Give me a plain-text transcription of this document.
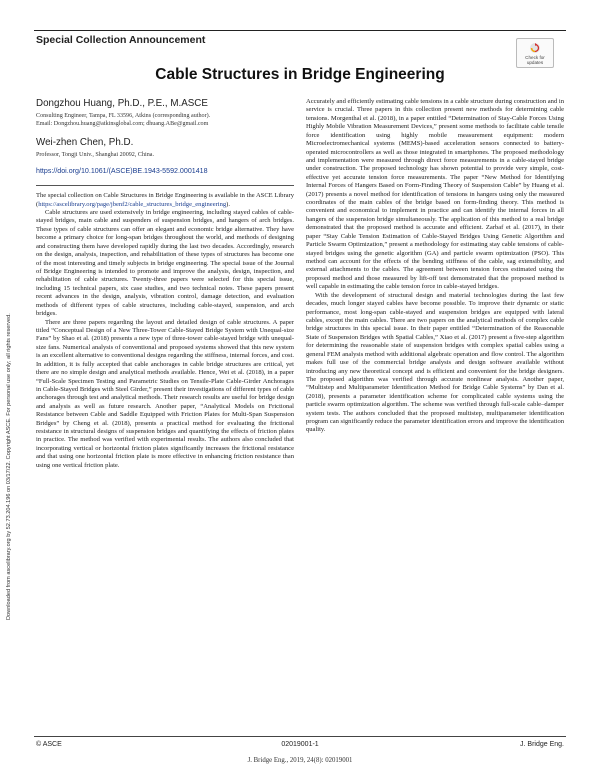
Downloaded from ascelibrary.org by 52.73.204.196 on 03/17/22. Copyright ASCE. For personal use only; all rights reserved.
Special Collection Announcement
Check for
updates
Cable Structures in Bridge Engineering
Dongzhou Huang, Ph.D., P.E., M.ASCE
Consulting Engineer, Tampa, FL 33596, Atkins (corresponding author).
Email: Dongzhou.huang@atkinsglobal.com; dhuang.ABe@gmail.com
Wei-zhen Chen, Ph.D.
Professor, Tongji Univ., Shanghai 20092, China.
https://doi.org/10.1061/(ASCE)BE.1943-5592.0001418

The special collection on Cable Structures in Bridge Engineering is available in the ASCE Library (https://ascelibrary.org/page/jbenf2/cable_structures_bridge_engineering).

Cable structures are used extensively in bridge engineering, including stayed cables of cable-stayed bridges, main cable and suspenders of suspension bridges, and hangers of arch bridges. These types of cable structures can offer an elegant and economic bridge alternative. They have become a primary choice for long-span bridges throughout the world, and methods of designing and constructing them have developed rapidly during the last two decades. Accordingly, research on the design, analysis, inspection, and rehabilitation of these types of structures has become one of the most interesting and timely subjects in bridge engineering. The special issue of the Journal of Bridge Engineering is intended to promote and improve the analysis, design, inspection, and rehabilitation of cable structures. Twenty-three papers were selected for this special issue, including 15 technical papers, six case studies, and two technical notes. These papers present recent advances in the design, analysis, vibration control, damage detection, and evaluation methods of different types of cable structures, including cable-stayed, suspension, and arch bridges.

There are three papers regarding the layout and detailed design of cable structures. A paper titled “Conceptual Design of a New Three-Tower Cable-Stayed Bridge System with Unequal-size Fans” by Shao et al. (2018) presents a new type of three-tower cable-stayed bridge with unequal-size fans. Numerical analysis of conventional and proposed systems showed that this new system is an excellent alternative to conventional designs regarding the stiffness, internal forces, and cost. In addition, it is fully accepted that cable anchorages in cable bridge structures are critical, yet there are no simple design and analytical methods available. Hence, Wei et al. (2018), in a paper “Full-Scale Specimen Testing and Parametric Studies on Tensile-Plate Cable-Girder Anchorages in Cable-Stayed Bridges with Steel Girder,” present their investigations of different types of cable anchorages through test and analytical methods. Their research results are useful for bridge design and analysis as well as future research. Another paper, “Analytical Models on Frictional Resistance between Cable and Saddle Equipped with Friction Plates for Multi-Span Suspension Bridges” by Cheng et al. (2018), presents a practical method for evaluating the frictional resistance in structural designs of suspension bridges and quantifying the effects of friction plates in practice. The method was verified with experimental results. The authors also concluded that incorporating vertical or horizontal friction plates significantly increases the frictional resistance and that using one horizontal friction plate is more effective in enhancing friction resistance than using one vertical friction plate.

Accurately and efficiently estimating cable tensions in a cable structure during construction and in service is crucial. Three papers in this collection present new methods for determining cable tensions. Morgenthal et al. (2018), in a paper entitled “Determination of Stay-Cable Forces Using Highly Mobile Vibration Measurement Devices,” present some methods to facilitate cable tensile force identification using highly mobile measurement equipment: modern Microelectromechanical systems (MEMS)-based acceleration sensors connected to battery-operated microcontrollers as well as those integrated in smartphones. The proposed methodology and implementation were measured through direct force measurements in a cable-stayed bridge under construction. The proposed technology has shown potential to provide very simple, cost-effective yet accurate tension force measurements. The paper “New Method for Identifying Internal Forces of Hangers Based on Form-Finding Theory of Suspension Cable” by Huang et al. (2017) presents a novel method for identification of tensions in hangers using only the measured coordinates of the main cables of the bridge based on form-finding theory. This method is convenient and economical to implement in practice and can identify the internal forces in all hangers of the suspension bridge simultaneously. The application of this method to a real bridge demonstrated that the proposed method is accurate and efficient. Zarbaf et al. (2017), in their paper “Stay Cable Tension Estimation of Cable-Stayed Bridges Using Genetic Algorithm and Particle Swarm Optimization,” present a methodology for estimating stay cable tensions of cable-stayed bridges using the genetic algorithm (GA) and particle swarm optimization (PSO). This method can account for the effects of the bending stiffness of the cable, sag extensibility, and external attachments to the cables. The agreement between tension forces estimated using the proposed method and those measured by lift-off test demonstrated that the proposed method is well capable in estimating the cable tension force in cable-stayed bridges.

With the development of structural design and material technologies during the last few decades, much longer stayed cables have become possible. To improve their dynamic or static performance, most long-span cable-stayed and suspension bridges are equipped with lateral cables, except the main cables. There are two papers on the analytical methods of complex cable bridge structures in this special issue. In their paper entitled “Determination of the Reasonable State of Suspension Bridges with Spatial Cables,” Xiao et al. (2017) present a five-step algorithm for determining the reasonable state of suspension bridges with complex spatial cables using a general FEM analysis method with additional algebraic operation and flow control. The algorithm makes full use of the commercial bridge analysis and design software available without introducing any new theoretical concept and is efficient and convenient for the bridge designers. The proposed algorithm was verified through accurate nonlinear analysis. Another paper, “Multistep and Multiparameter Identification Method for Bridge Cable Systems” by Dan et al. (2018), presents a parameter identification scheme for complicated cable systems using the particle swarm optimization algorithm. The scheme was verified through full-scale cable–damper system tests. The authors concluded that the proposed multistep, multiparameter identification program can significantly reduce the parameter identification errors and improve the identification quality.

© ASCE	02019001-1	J. Bridge Eng.
J. Bridge Eng., 2019, 24(8): 02019001
